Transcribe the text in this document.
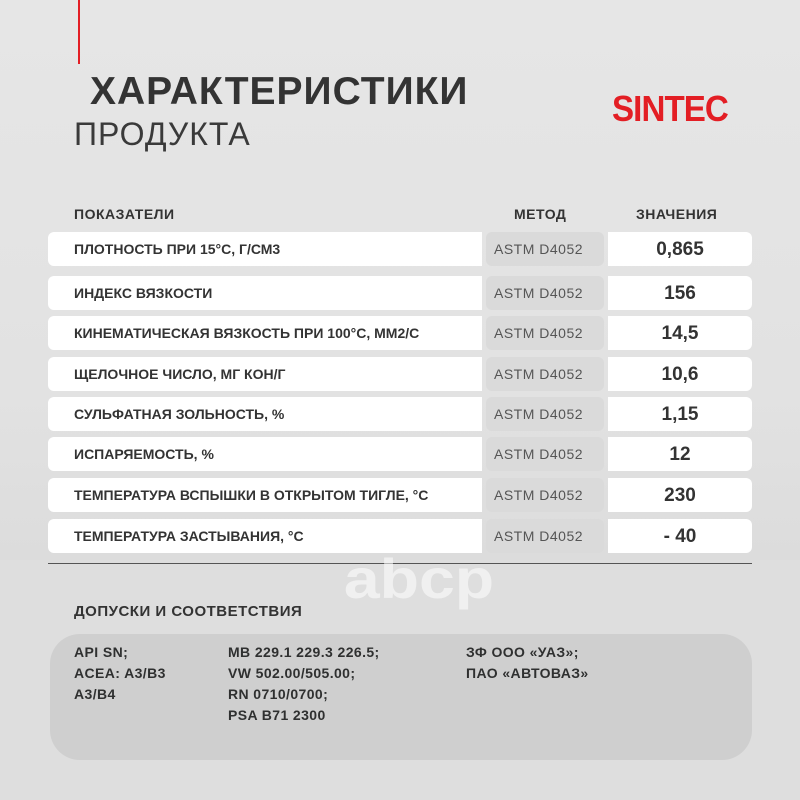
ХАРАКТЕРИСТИКИ
ПРОДУКТА
SINTEC
ПОКАЗАТЕЛИ	МЕТОД	ЗНАЧЕНИЯ
ПЛОТНОСТЬ ПРИ 15°С, Г/СМ3	ASTM D4052	0,865
ИНДЕКС ВЯЗКОСТИ	ASTM D4052	156
КИНЕМАТИЧЕСКАЯ ВЯЗКОСТЬ ПРИ 100°С, ММ2/С	ASTM D4052	14,5
ЩЕЛОЧНОЕ ЧИСЛО, МГ КОН/Г	ASTM D4052	10,6
СУЛЬФАТНАЯ ЗОЛЬНОСТЬ, %	ASTM D4052	1,15
ИСПАРЯЕМОСТЬ, %	ASTM D4052	12
ТЕМПЕРАТУРА ВСПЫШКИ В ОТКРЫТОМ ТИГЛЕ, °С	ASTM D4052	230
ТЕМПЕРАТУРА ЗАСТЫВАНИЯ, °С	ASTM D4052	- 40
аbср
ДОПУСКИ И СООТВЕТСТВИЯ
API SN;
ACEA: A3/B3
A3/B4
MB 229.1 229.3 226.5;
VW 502.00/505.00;
RN 0710/0700;
PSA B71 2300
ЗФ ООО «УАЗ»;
ПАО «АВТОВАЗ»
